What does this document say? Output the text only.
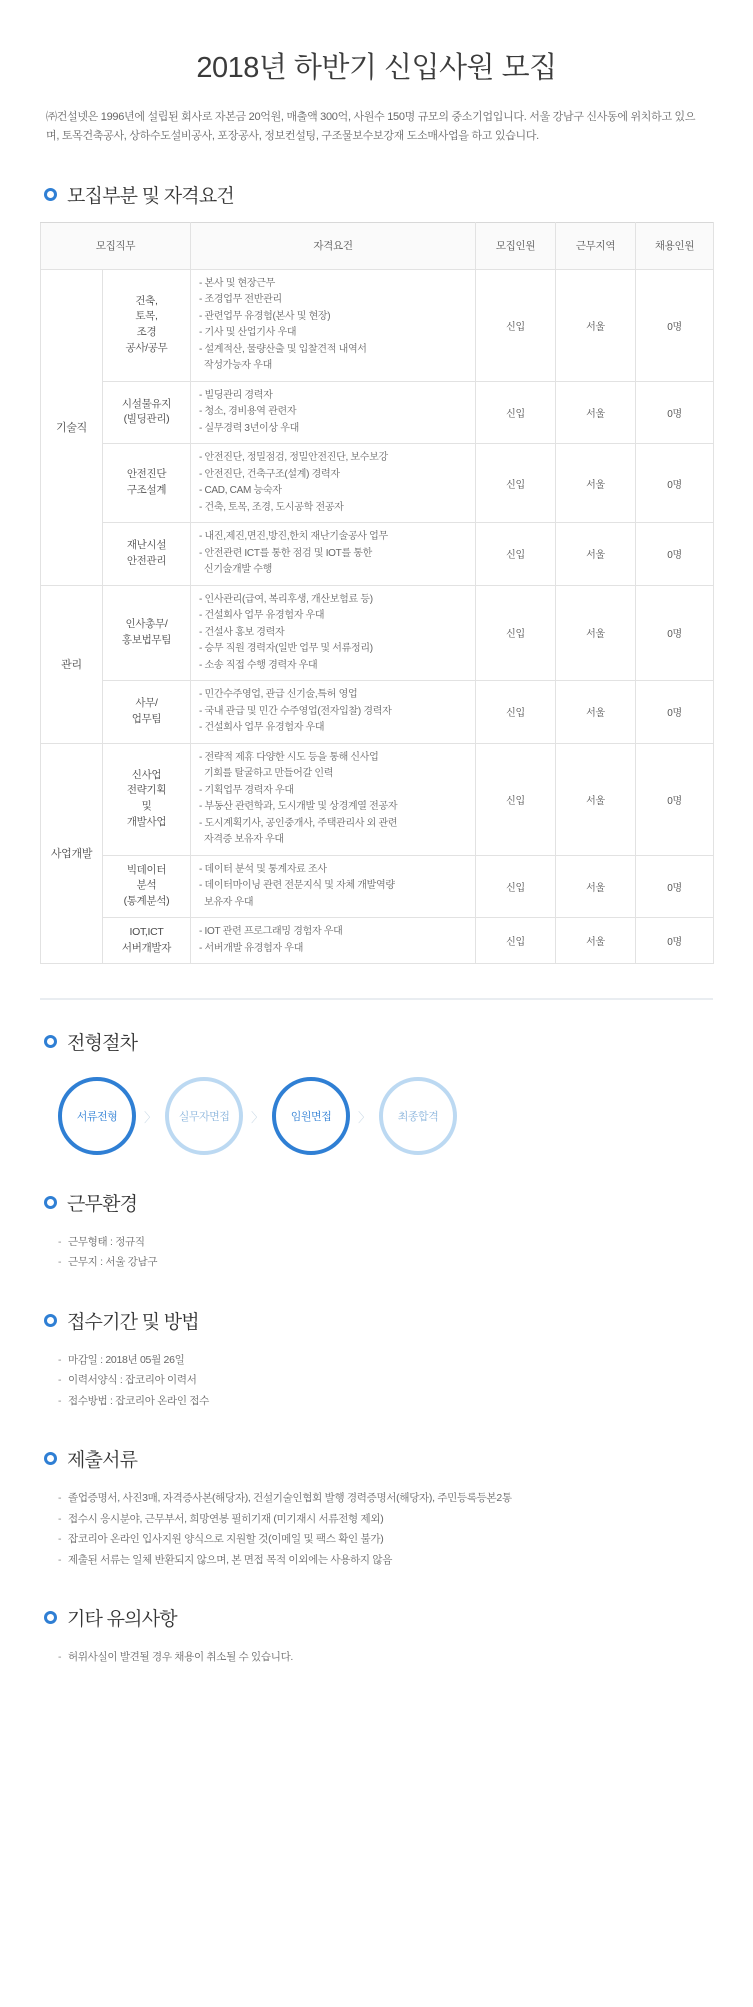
2018년 하반기 신입사원 모집

㈜건설넷은 1996년에 설립된 회사로 자본금 20억원, 매출액 300억, 사원수 150명 규모의 중소기업입니다. 서울 강남구 신사동에 위치하고 있으며, 토목건축공사, 상하수도설비공사, 포장공사, 정보컨설팅, 구조물보수보강재 도소매사업을 하고 있습니다.

모집부분 및 자격요건
모집직무		자격요건	모집인원	근무지역	채용인원
기술직	건축,
토목,
조경
공사/공무	- 본사 및 현장근무
- 조경업무 전반관리
- 관련업무 유경험(본사 및 현장)
- 기사 및 산업기사 우대
- 설계적산, 물량산출 및 입찰견적 내역서
작성가능자 우대	신입	서울	0명
	시설물유지
(빌딩관리)	- 빌딩관리 경력자
- 청소, 경비용역 관련자
- 실무경력 3년이상 우대	신입	서울	0명
	안전진단
구조설계	- 안전진단, 정밀점검, 정밀안전진단, 보수보강
- 안전진단, 건축구조(설계) 경력자
- CAD, CAM 능숙자
- 건축, 토목, 조경, 도시공학 전공자	신입	서울	0명
	재난시설
안전관리	- 내진,제진,면진,방진,한치 재난기술공사 업무
- 안전관련 ICT를 통한 점검 및 IOT를 통한
신기술개발 수행	신입	서울	0명
관리	인사총무/
홍보법무팀	- 인사관리(급여, 복리후생, 개산보험료 등)
- 건설회사 업무 유경험자 우대
- 건설사 홍보 경력자
- 승무 직원 경력자(일반 업무 및 서류정리)
- 소송 직접 수행 경력자 우대	신입	서울	0명
	사무/
업무팀	- 민간수주영업, 관급 신기술,특허 영업
- 국내 관급 및 민간 수주영업(전자입찰) 경력자
- 건설회사 업무 유경험자 우대	신입	서울	0명
사업개발	신사업
전략기획
및
개발사업	- 전략적 제휴 다양한 시도 등을 통해 신사업
기회를 탈굴하고 만들어갈 인력
- 기획업무 경력자 우대
- 부동산 관련학과, 도시개발 및 상경계열 전공자
- 도시계획기사, 공인중개사, 주택관리사 외 관련
자격증 보유자 우대	신입	서울	0명
	빅데이터
분석
(통계분석)	- 데이터 분석 및 통계자료 조사
- 데이터마이닝 관련 전문지식 및 자체 개발역량
보유자 우대	신입	서울	0명
	IOT,ICT
서버개발자	- IOT 관련 프로그래밍 경험자 우대
- 서버개발 유경험자 우대	신입	서울	0명
전형절차
서류전형	〉	실무자면접	〉	임원면접	〉	최종합격
근무환경
- 근무형태 : 정규직
- 근무지 : 서울 강남구
접수기간 및 방법
- 마감일 : 2018년 05월 26일
- 이력서양식 : 잡코리아 이력서
- 접수방법 : 잡코리아 온라인 접수
제출서류
- 졸업증명서, 사진3매, 자격증사본(해당자), 건설기술인협회 발행 경력증명서(해당자), 주민등록등본2통
- 접수시 응시분야, 근무부서, 희망연봉 필히기재 (미기재시 서류전형 제외)
- 잡코리아 온라인 입사지원 양식으로 지원할 것(이메일 및 팩스 확인 불가)
- 제출된 서류는 일체 반환되지 않으며, 본 면접 목적 이외에는 사용하지 않음
기타 유의사항
- 허위사실이 발견될 경우 채용이 취소될 수 있습니다.
